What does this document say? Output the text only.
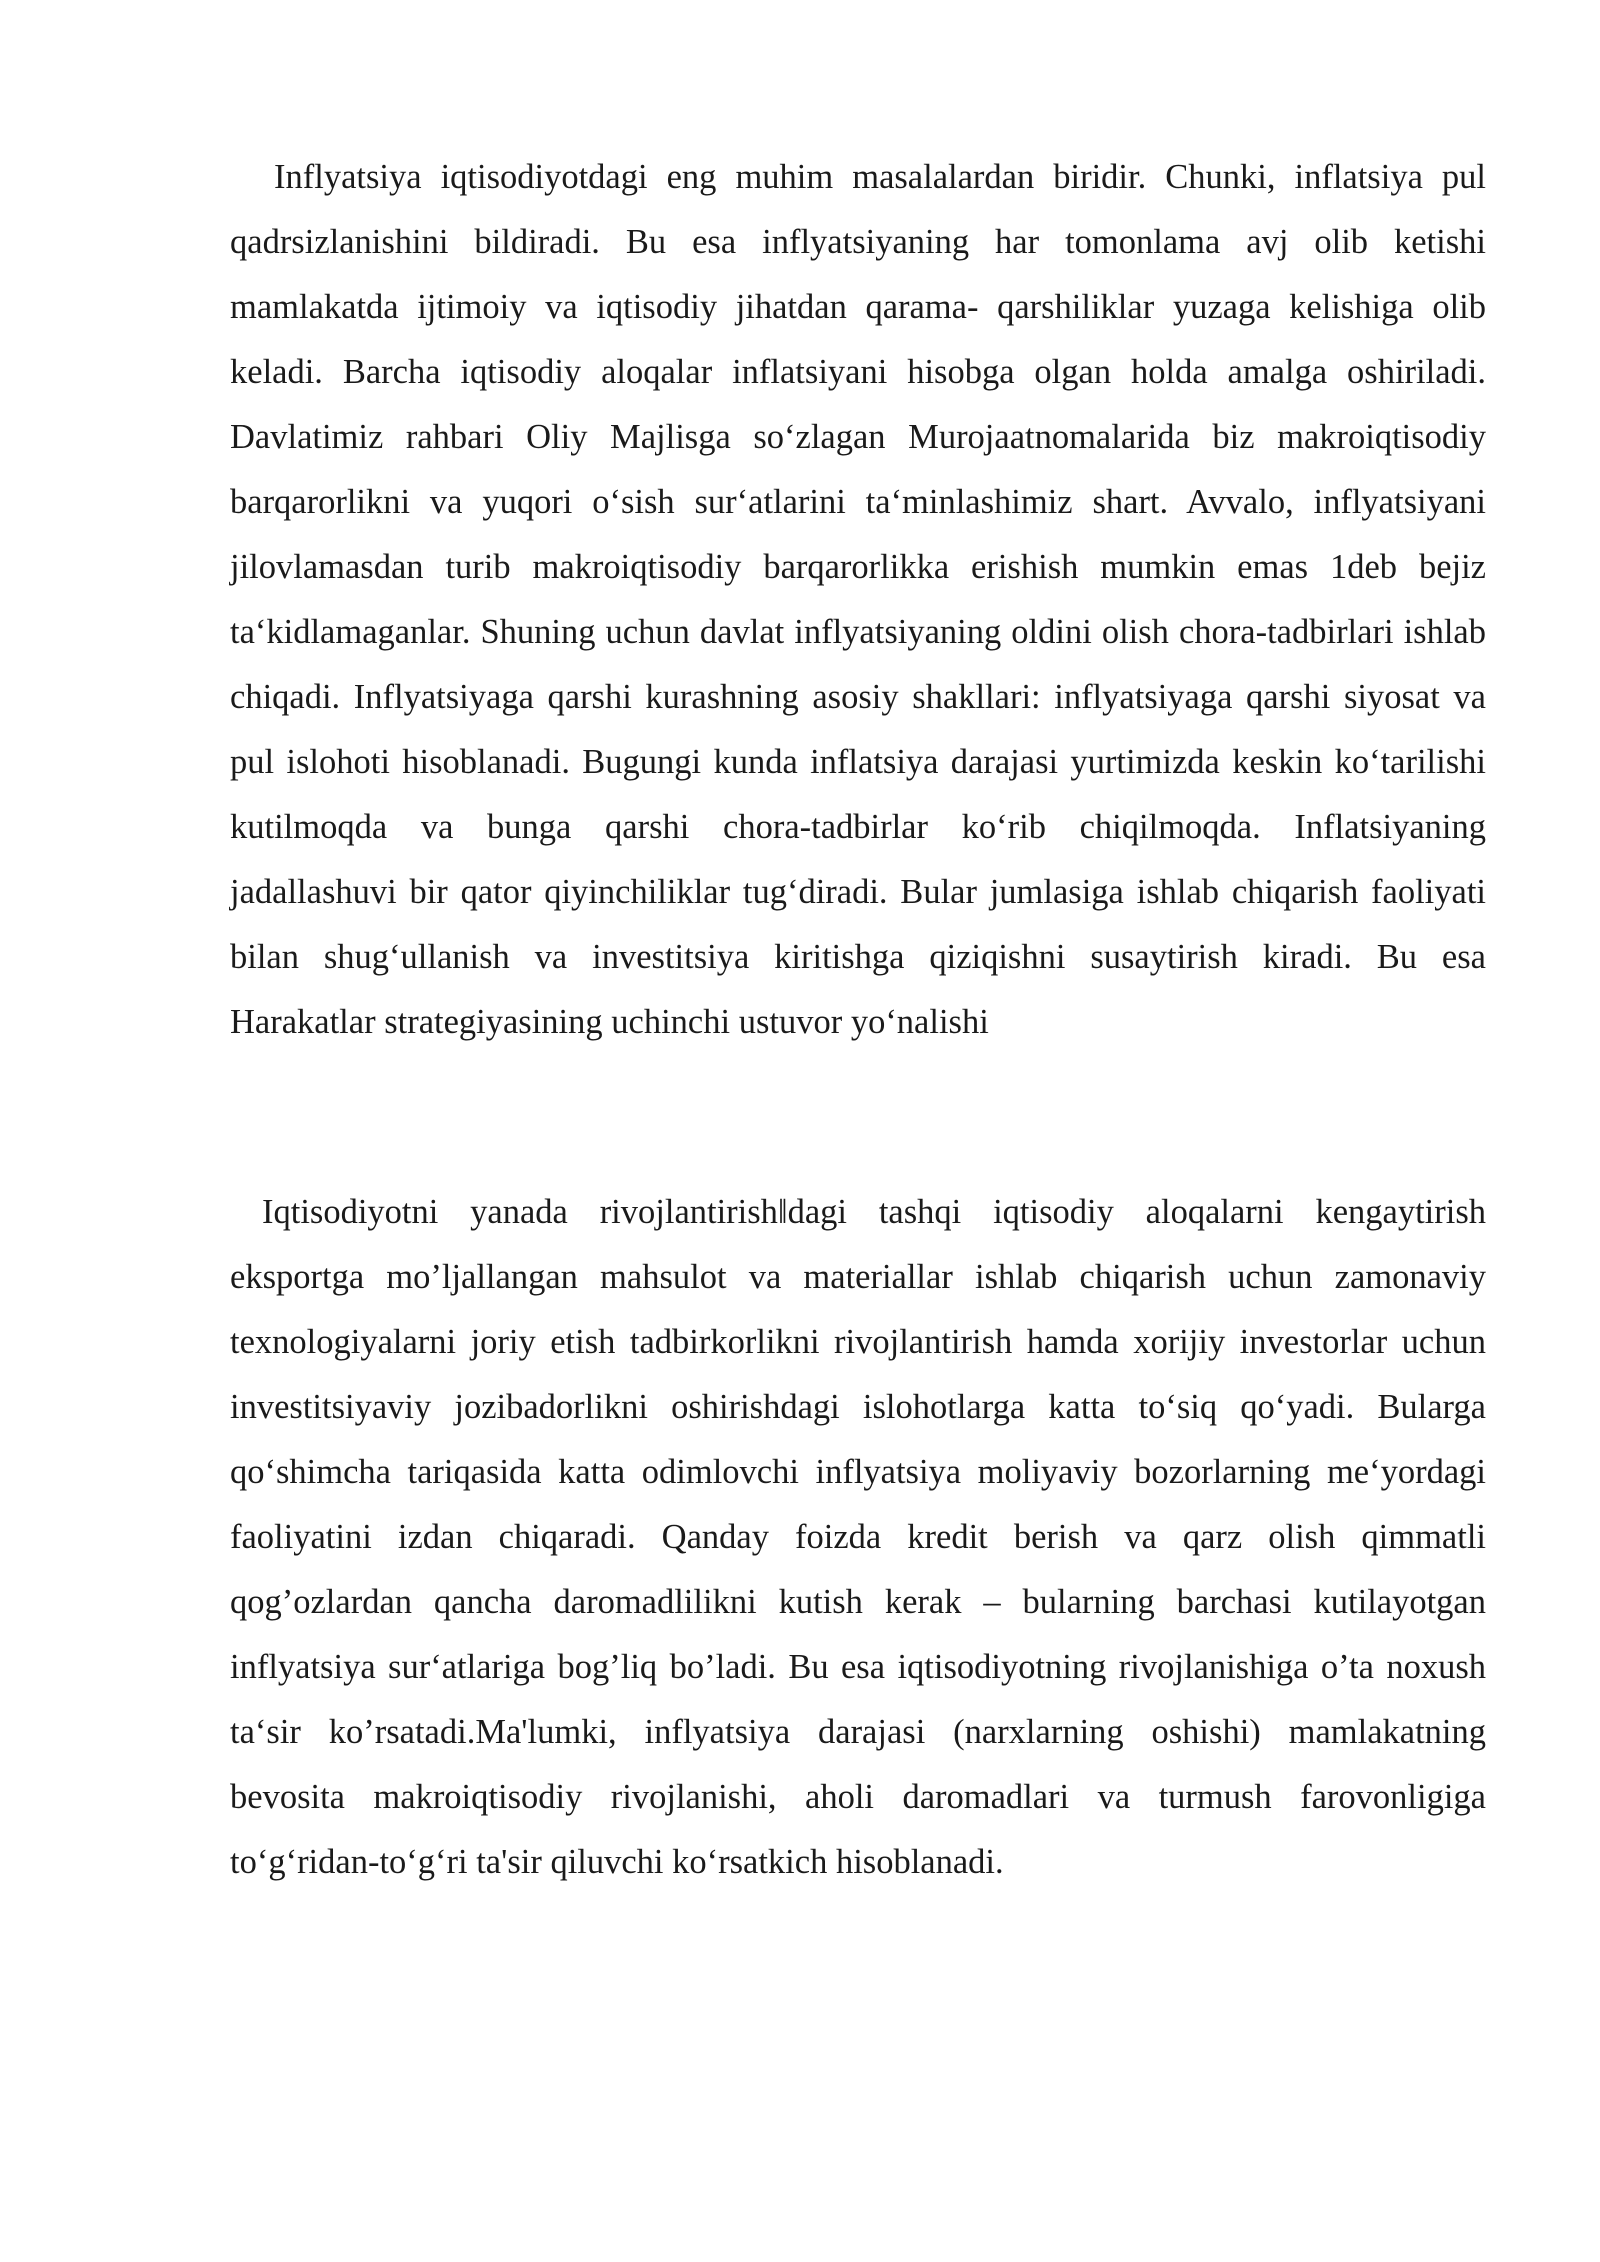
Inflyatsiya iqtisodiyotdagi eng muhim masalalardan biridir. Chunki, inflatsiya pul qadrsizlanishini bildiradi. Bu esa inflyatsiyaning har tomonlama avj olib ketishi mamlakatda ijtimoiy va iqtisodiy jihatdan qarama- qarshiliklar yuzaga kelishiga olib keladi. Barcha iqtisodiy aloqalar inflatsiyani hisobga olgan holda amalga oshiriladi. Davlatimiz rahbari Oliy Majlisga so‘zlagan Murojaatnomalarida biz makroiqtisodiy barqarorlikni va yuqori o‘sish sur‘atlarini ta‘minlashimiz shart. Avvalo, inflyatsiyani jilovlamasdan turib makroiqtisodiy barqarorlikka erishish mumkin emas 1deb bejiz ta‘kidlamaganlar. Shuning uchun davlat inflyatsiyaning oldini olish chora-tadbirlari ishlab chiqadi. Inflyatsiyaga qarshi kurashning asosiy shakllari: inflyatsiyaga qarshi siyosat va pul islohoti hisoblanadi. Bugungi kunda inflatsiya darajasi yurtimizda keskin ko‘tarilishi kutilmoqda va bunga qarshi chora-tadbirlar ko‘rib chiqilmoqda. Inflatsiyaning jadallashuvi bir qator qiyinchiliklar tug‘diradi. Bular jumlasiga ishlab chiqarish faoliyati bilan shug‘ullanish va investitsiya kiritishga qiziqishni susaytirish kiradi. Bu esa Harakatlar strategiyasining uchinchi ustuvor yo‘nalishi

Iqtisodiyotni yanada rivojlantirish‖dagi tashqi iqtisodiy aloqalarni kengaytirish eksportga mo’ljallangan mahsulot va materiallar ishlab chiqarish uchun zamonaviy texnologiyalarni joriy etish tadbirkorlikni rivojlantirish hamda xorijiy investorlar uchun investitsiyaviy jozibadorlikni oshirishdagi islohotlarga katta to‘siq qo‘yadi. Bularga qo‘shimcha tariqasida katta odimlovchi inflyatsiya moliyaviy bozorlarning me‘yordagi faoliyatini izdan chiqaradi. Qanday foizda kredit berish va qarz olish qimmatli qog’ozlardan qancha daromadlilikni kutish kerak – bularning barchasi kutilayotgan inflyatsiya sur‘atlariga bog’liq bo’ladi. Bu esa iqtisodiyotning rivojlanishiga o’ta noxush ta‘sir ko’rsatadi.Ma'lumki, inflyatsiya darajasi (narxlarning oshishi) mamlakatning bevosita makroiqtisodiy rivojlanishi, aholi daromadlari va turmush farovonligiga to‘g‘ridan-to‘g‘ri ta'sir qiluvchi ko‘rsatkich hisoblanadi.
